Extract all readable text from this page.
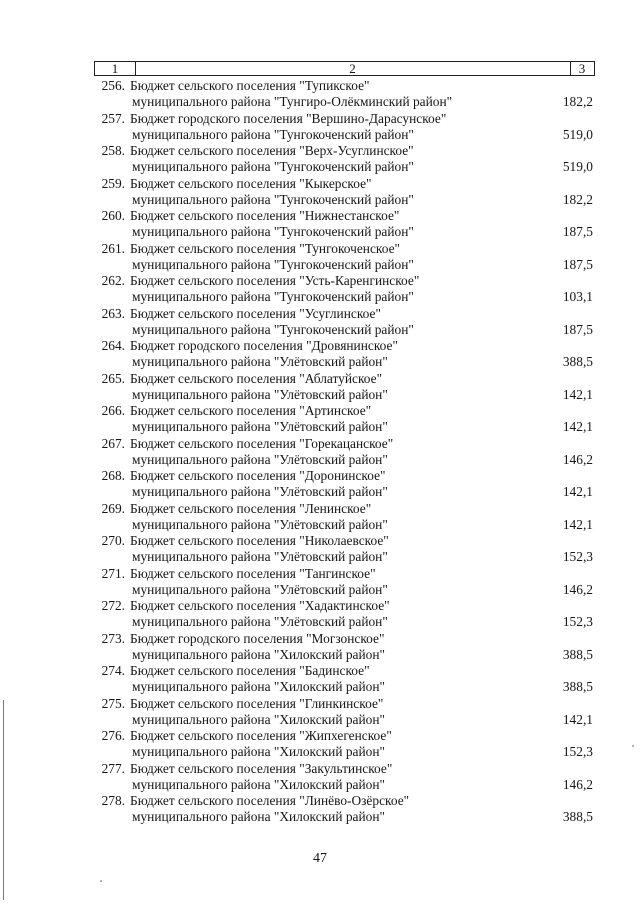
1	2	3
256. Бюджет сельского поселения "Тупикское"
муниципального района "Тунгиро-Олёкминский район"	182,2
257. Бюджет городского поселения "Вершино-Дарасунское"
муниципального района "Тунгокоченский район"	519,0
258. Бюджет сельского поселения "Верх-Усуглинское"
муниципального района "Тунгокоченский район"	519,0
259. Бюджет сельского поселения "Кыкерское"
муниципального района "Тунгокоченский район"	182,2
260. Бюджет сельского поселения "Нижнестанское"
муниципального района "Тунгокоченский район"	187,5
261. Бюджет сельского поселения "Тунгокоченское"
муниципального района "Тунгокоченский район"	187,5
262. Бюджет сельского поселения "Усть-Каренгинское"
муниципального района "Тунгокоченский район"	103,1
263. Бюджет сельского поселения "Усуглинское"
муниципального района "Тунгокоченский район"	187,5
264. Бюджет городского поселения "Дровянинское"
муниципального района "Улётовский район"	388,5
265. Бюджет сельского поселения "Аблатуйское"
муниципального района "Улётовский район"	142,1
266. Бюджет сельского поселения "Артинское"
муниципального района "Улётовский район"	142,1
267. Бюджет сельского поселения "Горекацанское"
муниципального района "Улётовский район"	146,2
268. Бюджет сельского поселения "Доронинское"
муниципального района "Улётовский район"	142,1
269. Бюджет сельского поселения "Ленинское"
муниципального района "Улётовский район"	142,1
270. Бюджет сельского поселения "Николаевское"
муниципального района "Улётовский район"	152,3
271. Бюджет сельского поселения "Тангинское"
муниципального района "Улётовский район"	146,2
272. Бюджет сельского поселения "Хадактинское"
муниципального района "Улётовский район"	152,3
273. Бюджет городского поселения "Могзонское"
муниципального района "Хилокский район"	388,5
274. Бюджет сельского поселения "Бадинское"
муниципального района "Хилокский район"	388,5
275. Бюджет сельского поселения "Глинкинское"
муниципального района "Хилокский район"	142,1
276. Бюджет сельского поселения "Жипхегенское"
муниципального района "Хилокский район"	152,3
277. Бюджет сельского поселения "Закультинское"
муниципального района "Хилокский район"	146,2
278. Бюджет сельского поселения "Линёво-Озёрское"
муниципального района "Хилокский район"	388,5
47
